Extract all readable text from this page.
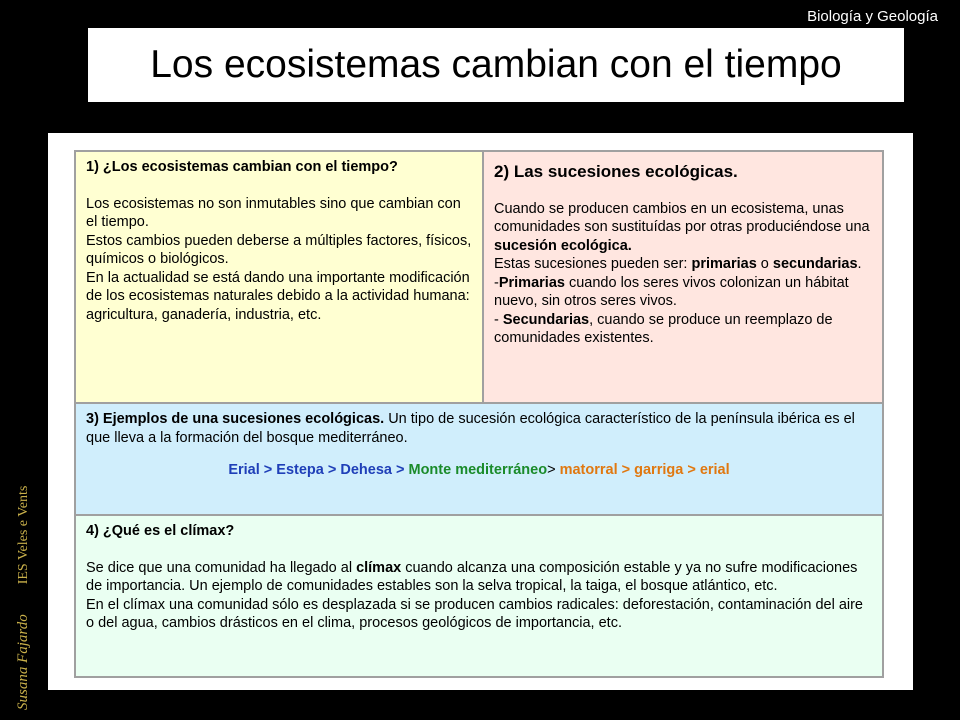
Biología y Geología
Los ecosistemas cambian con el tiempo
Susana Fajardo IES Veles e Vents

1) ¿Los ecosistemas cambian con el tiempo?

Los ecosistemas no son inmutables sino que cambian con el tiempo.

Estos cambios pueden deberse a múltiples factores, físicos, químicos o biológicos.

En la actualidad se está dando una importante modificación de los ecosistemas naturales debido a la actividad humana: agricultura, ganadería, industria, etc.

2) Las sucesiones ecológicas.

Cuando se producen cambios en un ecosistema, unas comunidades son sustituídas por otras produciéndose una sucesión ecológica.

Estas sucesiones pueden ser: primarias o secundarias.

-Primarias cuando los seres vivos colonizan un hábitat nuevo, sin otros seres vivos.

- Secundarias, cuando se produce un reemplazo de comunidades existentes.

3) Ejemplos de una sucesiones ecológicas. Un tipo de sucesión ecológica característico de la península ibérica es el que lleva a la formación del bosque mediterráneo.

Erial > Estepa > Dehesa > Monte mediterráneo> matorral > garriga > erial

4) ¿Qué es el clímax?

Se dice que una comunidad ha llegado al clímax cuando alcanza una composición estable y ya no sufre modificaciones de importancia. Un ejemplo de comunidades estables son la selva tropical, la taiga, el bosque atlántico, etc.

En el clímax una comunidad sólo es desplazada si se producen cambios radicales: deforestación, contaminación del aire o del agua, cambios drásticos en el clima, procesos geológicos de importancia, etc.
